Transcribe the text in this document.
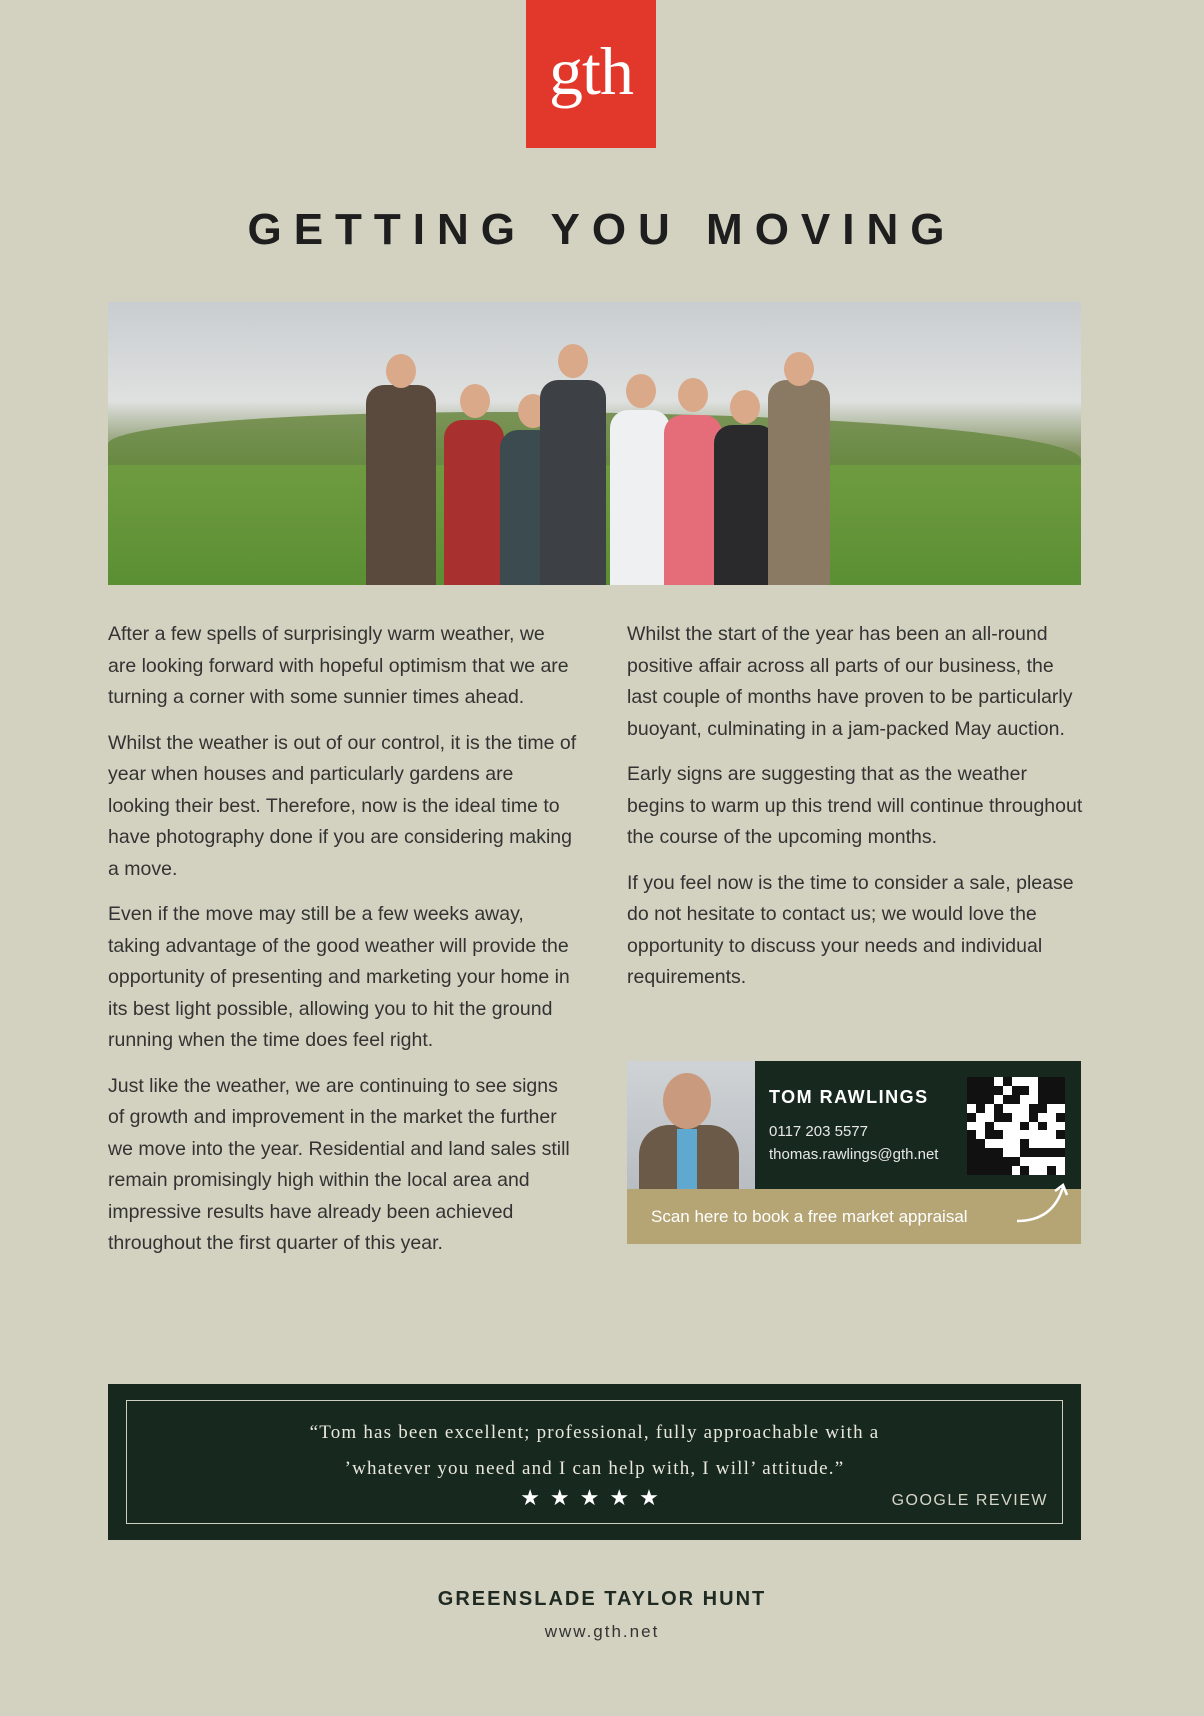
gth
GETTING YOU MOVING

After a few spells of surprisingly warm weather, we are looking forward with hopeful optimism that we are turning a corner with some sunnier times ahead.

Whilst the weather is out of our control, it is the time of year when houses and particularly gardens are looking their best. Therefore, now is the ideal time to have photography done if you are considering making a move.

Even if the move may still be a few weeks away, taking advantage of the good weather will provide the opportunity of presenting and marketing your home in its best light possible, allowing you to hit the ground running when the time does feel right.

Just like the weather, we are continuing to see signs of growth and improvement in the market the further we move into the year. Residential and land sales still remain promisingly high within the local area and impressive results have already been achieved throughout the first quarter of this year.

Whilst the start of the year has been an all-round positive affair across all parts of our business, the last couple of months have proven to be particularly buoyant, culminating in a jam-packed May auction.

Early signs are suggesting that as the weather begins to warm up this trend will continue throughout the course of the upcoming months.

If you feel now is the time to consider a sale, please do not hesitate to contact us; we would love the opportunity to discuss your needs and individual requirements.

TOM RAWLINGS
0117 203 5577
thomas.rawlings@gth.net
Scan here to book a free market appraisal
“Tom has been excellent; professional, fully approachable with a
’whatever you need and I can help with, I will’ attitude.”
★★★★★	GOOGLE REVIEW
GREENSLADE TAYLOR HUNT
www.gth.net
